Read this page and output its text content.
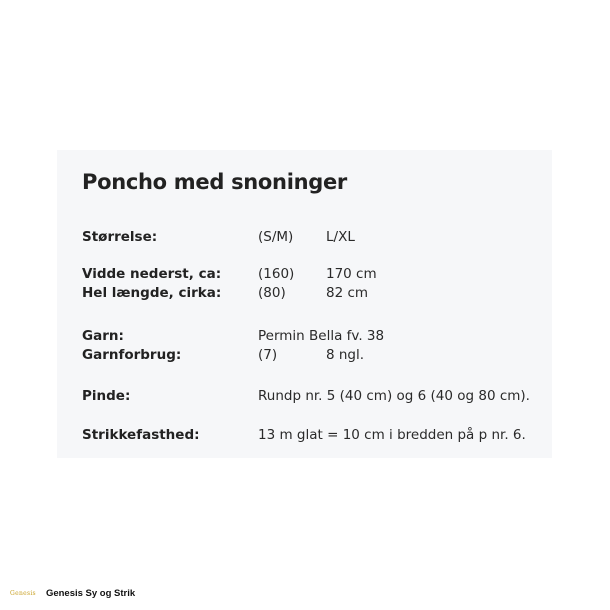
Poncho med snoninger
Størrelse:	(S/M) L/XL
Vidde nederst, ca:	(160) 170 cm
Hel længde, cirka:	(80)	82 cm
Garn:	Permin Bella fv. 38
Garnforbrug:	(7)	8 ngl.
Pinde:	Rundp nr. 5 (40 cm) og 6 (40 og 80 cm).
Strikkefasthed:	13 m glat = 10 cm i bredden på p nr. 6.
Genesis Genesis Sy og Strik
